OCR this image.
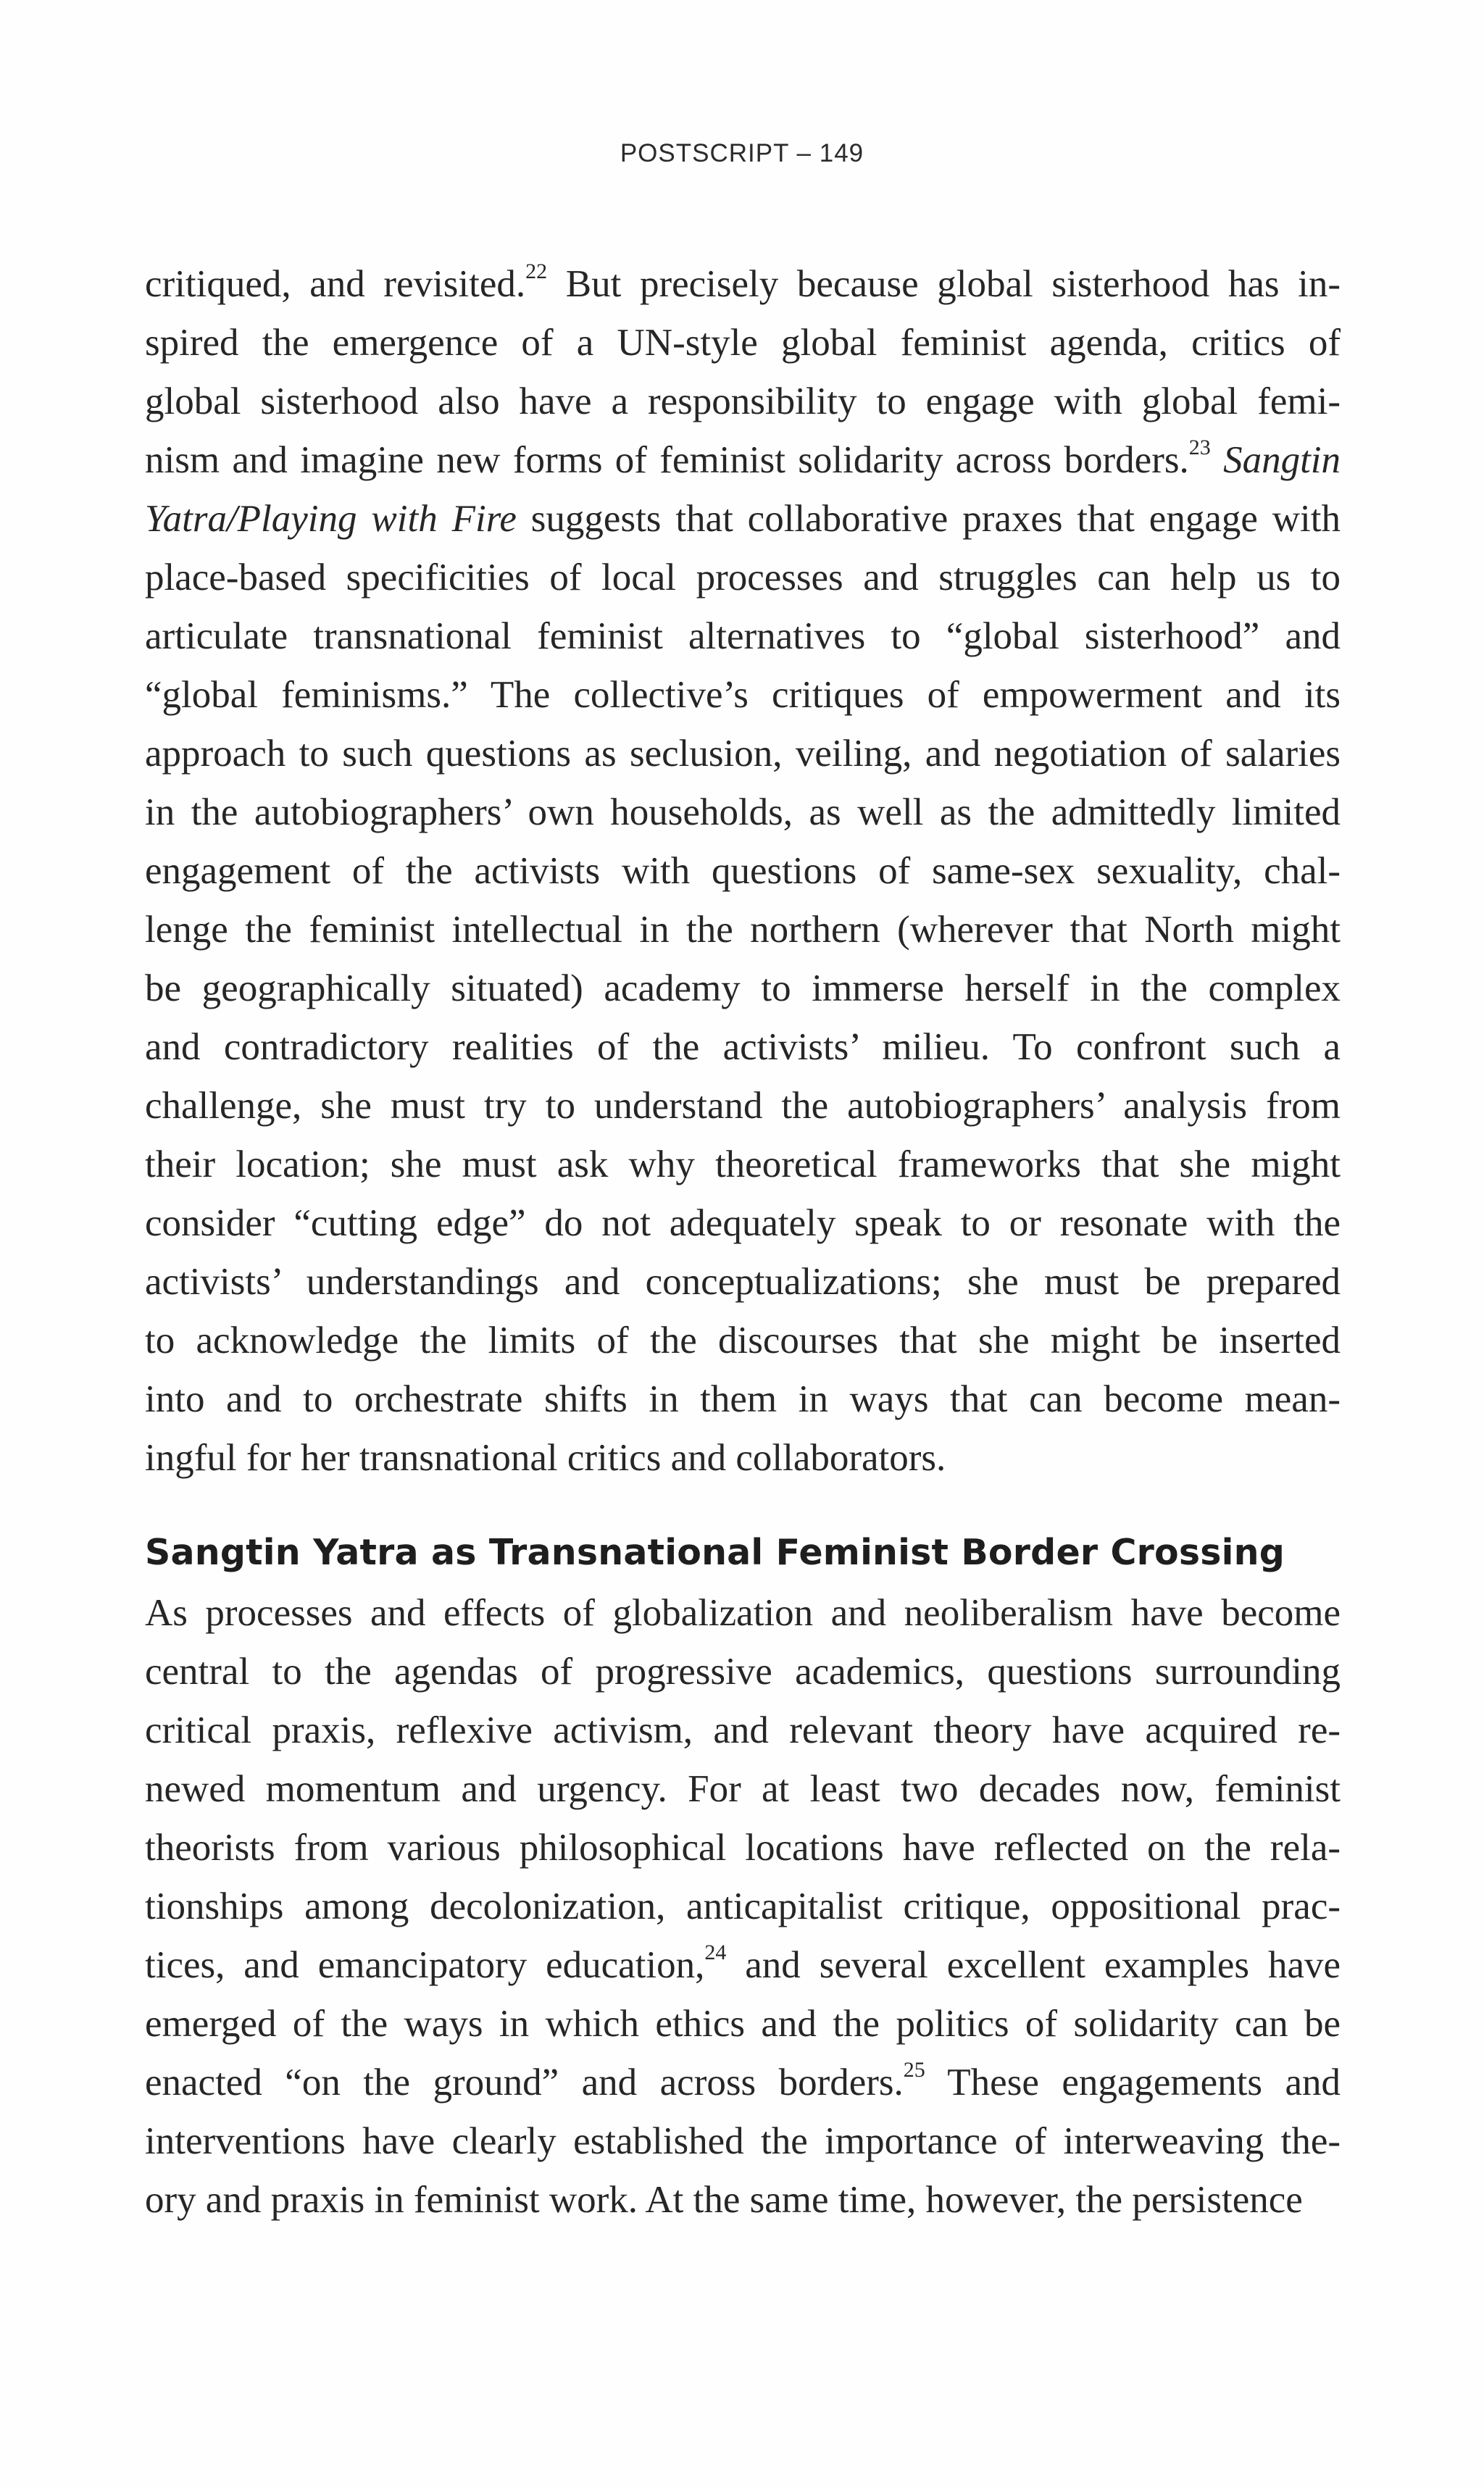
POSTSCRIPT – 149
critiqued, and revisited.$^{22}$ But precisely because global sisterhood has in-
spired the emergence of a UN-style global feminist agenda, critics of
global sisterhood also have a responsibility to engage with global femi-
nism and imagine new forms of feminist solidarity across borders.$^{23}$ Sangtin
Yatra/Playing with Fire suggests that collaborative praxes that engage with
place-based specificities of local processes and struggles can help us to
articulate transnational feminist alternatives to “global sisterhood” and
“global feminisms.” The collective’s critiques of empowerment and its
approach to such questions as seclusion, veiling, and negotiation of salaries
in the autobiographers’ own households, as well as the admittedly limited
engagement of the activists with questions of same-sex sexuality, chal-
lenge the feminist intellectual in the northern (wherever that North might
be geographically situated) academy to immerse herself in the complex
and contradictory realities of the activists’ milieu. To confront such a
challenge, she must try to understand the autobiographers’ analysis from
their location; she must ask why theoretical frameworks that she might
consider “cutting edge” do not adequately speak to or resonate with the
activists’ understandings and conceptualizations; she must be prepared
to acknowledge the limits of the discourses that she might be inserted
into and to orchestrate shifts in them in ways that can become mean-
ingful for her transnational critics and collaborators.
Sangtin Yatra as Transnational Feminist Border Crossing
As processes and effects of globalization and neoliberalism have become
central to the agendas of progressive academics, questions surrounding
critical praxis, reflexive activism, and relevant theory have acquired re-
newed momentum and urgency. For at least two decades now, feminist
theorists from various philosophical locations have reflected on the rela-
tionships among decolonization, anticapitalist critique, oppositional prac-
tices, and emancipatory education,$^{24}$ and several excellent examples have
emerged of the ways in which ethics and the politics of solidarity can be
enacted “on the ground” and across borders.$^{25}$ These engagements and
interventions have clearly established the importance of interweaving the-
ory and praxis in feminist work. At the same time, however, the persistence
